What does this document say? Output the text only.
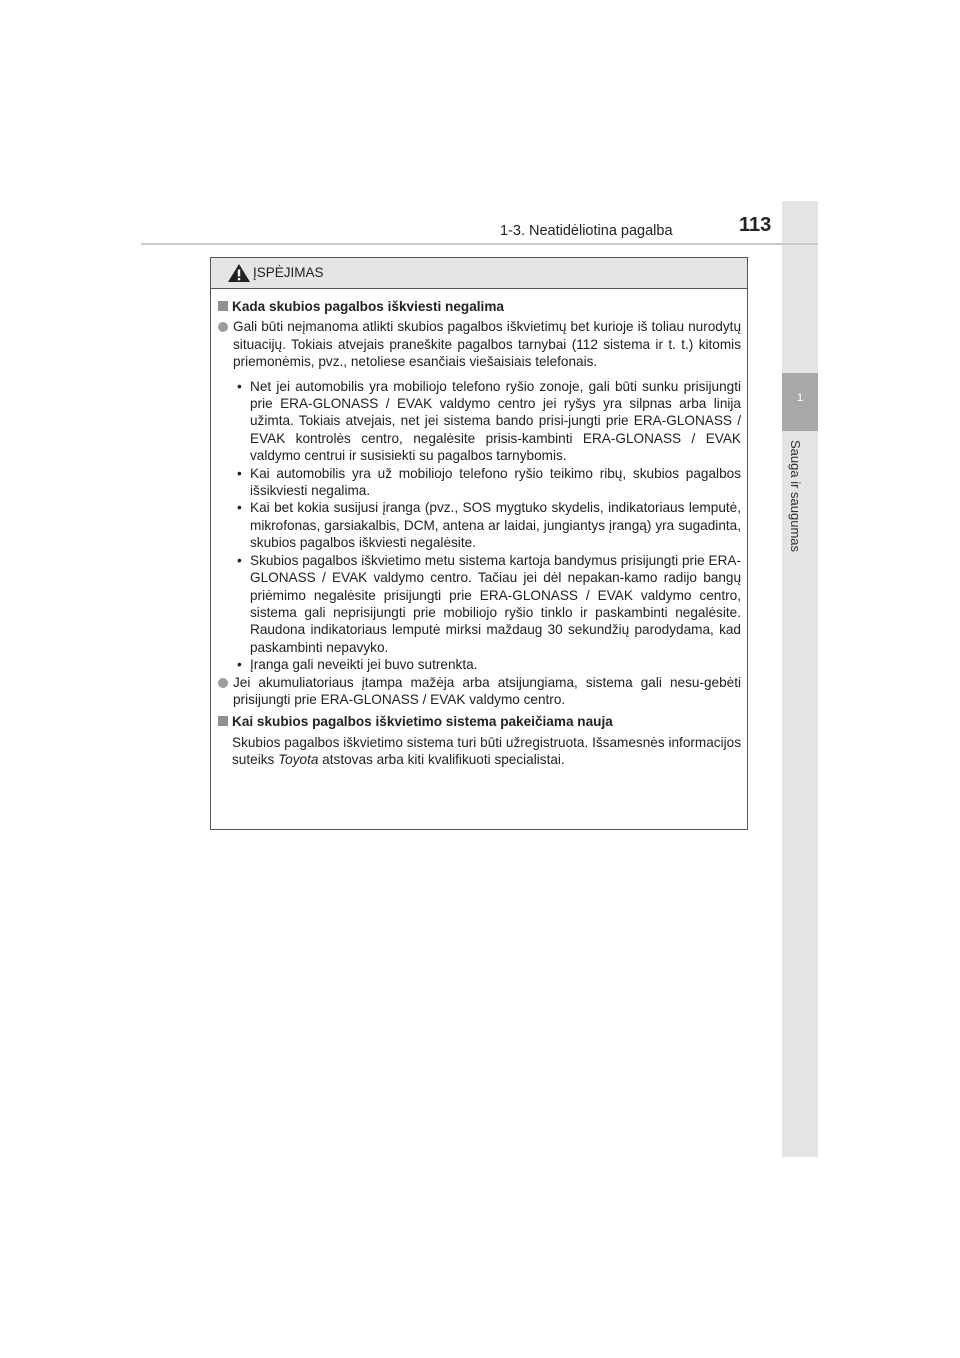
1
Sauga ir saugumas
1-3. Neatidėliotina pagalba	113
ĮSPĖJIMAS
Kada skubios pagalbos iškviesti negalima
Gali būti neįmanoma atlikti skubios pagalbos iškvietimų bet kurioje iš toliau nurodytų situacijų. Tokiais atvejais praneškite pagalbos tarnybai (112 sistema ir t. t.) kitomis priemonėmis, pvz., netoliese esančiais viešaisiais telefonais.
• Net jei automobilis yra mobiliojo telefono ryšio zonoje, gali būti sunku prisijungti prie ERA-GLONASS / EVAK valdymo centro jei ryšys yra silpnas arba linija užimta. Tokiais atvejais, net jei sistema bando prisi-jungti prie ERA-GLONASS / EVAK kontrolės centro, negalėsite prisis-kambinti ERA-GLONASS / EVAK valdymo centrui ir susisiekti su pagalbos tarnybomis.
• Kai automobilis yra už mobiliojo telefono ryšio teikimo ribų, skubios pagalbos išsikviesti negalima.
• Kai bet kokia susijusi įranga (pvz., SOS mygtuko skydelis, indikatoriaus lemputė, mikrofonas, garsiakalbis, DCM, antena ar laidai, jungiantys įrangą) yra sugadinta, skubios pagalbos iškviesti negalėsite.
• Skubios pagalbos iškvietimo metu sistema kartoja bandymus prisijungti prie ERA-GLONASS / EVAK valdymo centro. Tačiau jei dėl nepakan-kamo radijo bangų priėmimo negalėsite prisijungti prie ERA-GLONASS / EVAK valdymo centro, sistema gali neprisijungti prie mobiliojo ryšio tinklo ir paskambinti negalėsite. Raudona indikatoriaus lemputė mirksi maždaug 30 sekundžių parodydama, kad paskambinti nepavyko.
• Įranga gali neveikti jei buvo sutrenkta.
Jei akumuliatoriaus įtampa mažėja arba atsijungiama, sistema gali nesu-gebėti prisijungti prie ERA-GLONASS / EVAK valdymo centro.
Kai skubios pagalbos iškvietimo sistema pakeičiama nauja
Skubios pagalbos iškvietimo sistema turi būti užregistruota. Išsamesnės informacijos suteiks Toyota atstovas arba kiti kvalifikuoti specialistai.
